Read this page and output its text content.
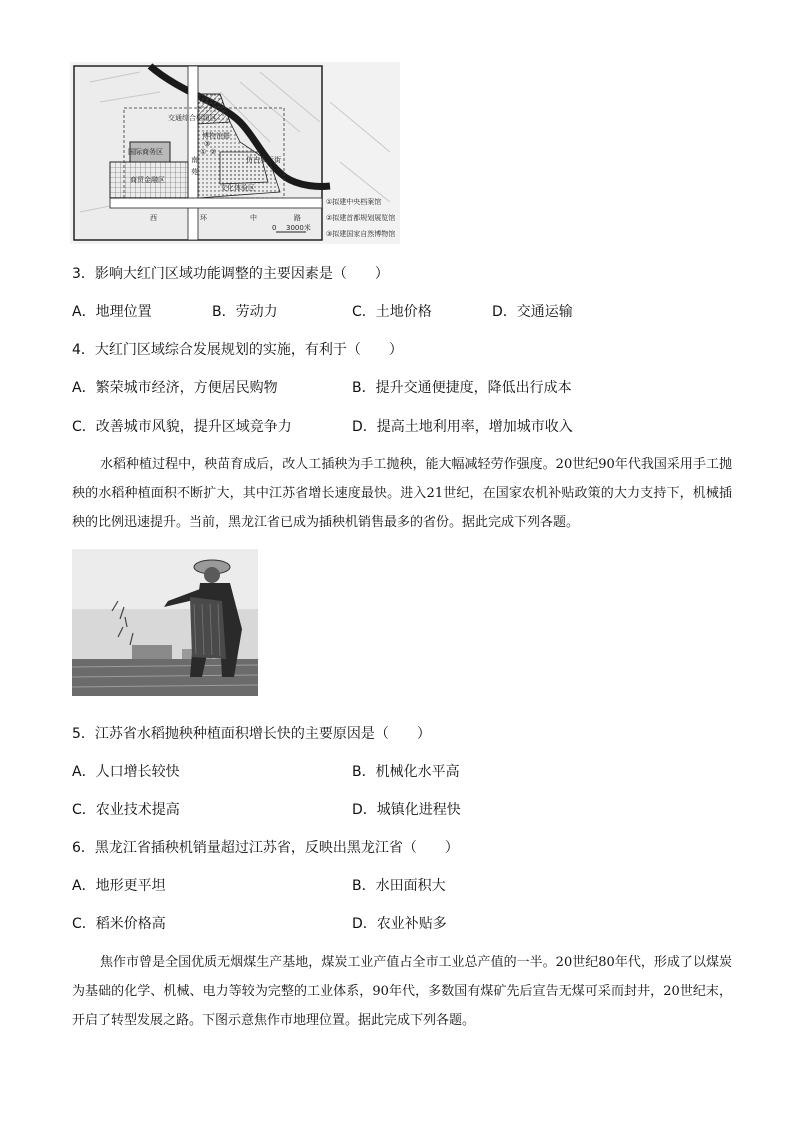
交通综合枢纽区
博物馆群
仿古步行街
南
苑
国际商务区
商贸金融区
文化体验区
① ②
③
西	环	中	路
0 3000米
①拟建中央档案馆
②拟建首都规划展览馆
③拟建国家自然博物馆
3．影响大红门区域功能调整的主要因素是（　　）
A．地理位置	B．劳动力	C．土地价格	D．交通运输
4．大红门区域综合发展规划的实施，有利于（　　）
A．繁荣城市经济，方便居民购物	B．提升交通便捷度，降低出行成本
C．改善城市风貌，提升区域竞争力	D．提高土地利用率，增加城市收入
水稻种植过程中，秧苗育成后，改人工插秧为手工抛秧，能大幅减轻劳作强度。20世纪90年代我国采用手工抛秧的水稻种植面积不断扩大，其中江苏省增长速度最快。进入21世纪，在国家农机补贴政策的大力支持下，机械插秧的比例迅速提升。当前，黑龙江省已成为插秧机销售最多的省份。据此完成下列各题。
5．江苏省水稻抛秧种植面积增长快的主要原因是（　　）
A．人口增长较快	B．机械化水平高
C．农业技术提高	D．城镇化进程快
6．黑龙江省插秧机销量超过江苏省，反映出黑龙江省（　　）
A．地形更平坦	B．水田面积大
C．稻米价格高	D．农业补贴多
焦作市曾是全国优质无烟煤生产基地，煤炭工业产值占全市工业总产值的一半。20世纪80年代，形成了以煤炭为基础的化学、机械、电力等较为完整的工业体系，90年代，多数国有煤矿先后宣告无煤可采而封井，20世纪末，开启了转型发展之路。下图示意焦作市地理位置。据此完成下列各题。
